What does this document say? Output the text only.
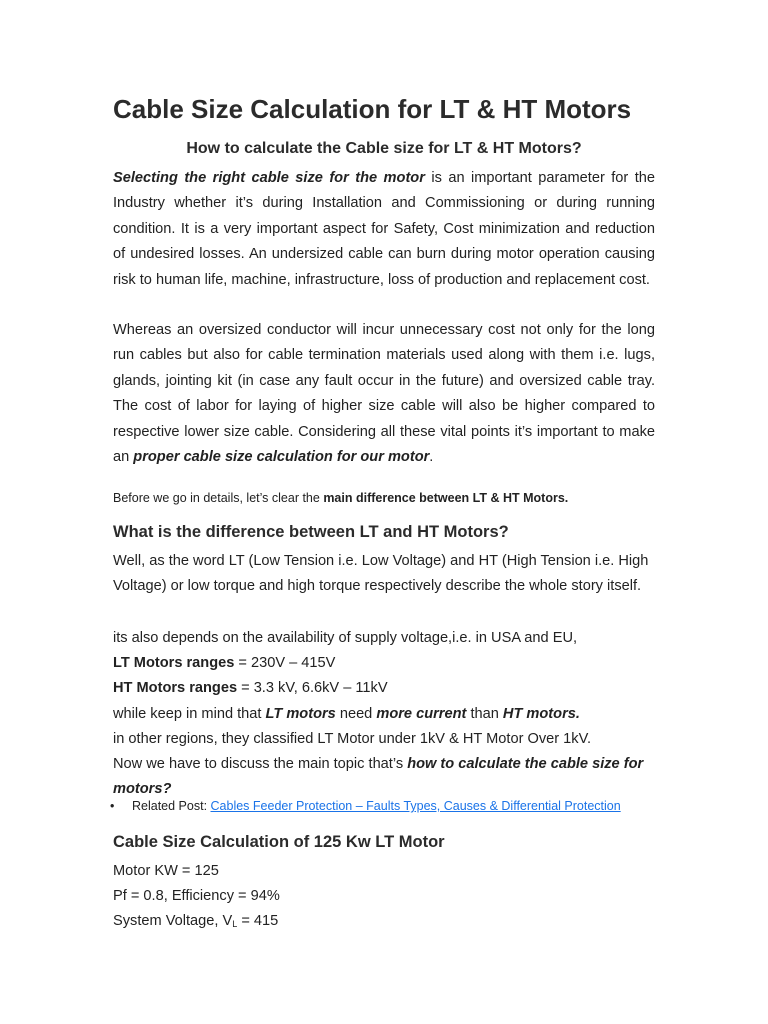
Cable Size Calculation for LT & HT Motors
How to calculate the Cable size for LT & HT Motors?

Selecting the right cable size for the motor is an important parameter for the Industry whether it’s during Installation and Commissioning or during running condition. It is a very important aspect for Safety, Cost minimization and reduction of undesired losses. An undersized cable can burn during motor operation causing risk to human life, machine, infrastructure, loss of production and replacement cost.

Whereas an oversized conductor will incur unnecessary cost not only for the long run cables but also for cable termination materials used along with them i.e. lugs, glands, jointing kit (in case any fault occur in the future) and oversized cable tray. The cost of labor for laying of higher size cable will also be higher compared to respective lower size cable. Considering all these vital points it’s important to make an proper cable size calculation for our motor.

Before we go in details, let’s clear the main difference between LT & HT Motors.

What is the difference between LT and HT Motors?

Well, as the word LT (Low Tension i.e. Low Voltage) and HT (High Tension i.e. High Voltage) or low torque and high torque respectively describe the whole story itself.

its also depends on the availability of supply voltage,i.e. in USA and EU,

LT Motors ranges = 230V – 415V

HT Motors ranges = 3.3 kV, 6.6kV – 11kV

while keep in mind that LT motors need more current than HT motors.

in other regions, they classified LT Motor under 1kV & HT Motor Over 1kV.

Now we have to discuss the main topic that’s how to calculate the cable size for motors?

• Related Post: Cables Feeder Protection – Faults Types, Causes & Differential Protection
Cable Size Calculation of 125 Kw LT Motor

Motor KW = 125

Pf = 0.8, Efficiency = 94%

System Voltage, $V_L = 415$
